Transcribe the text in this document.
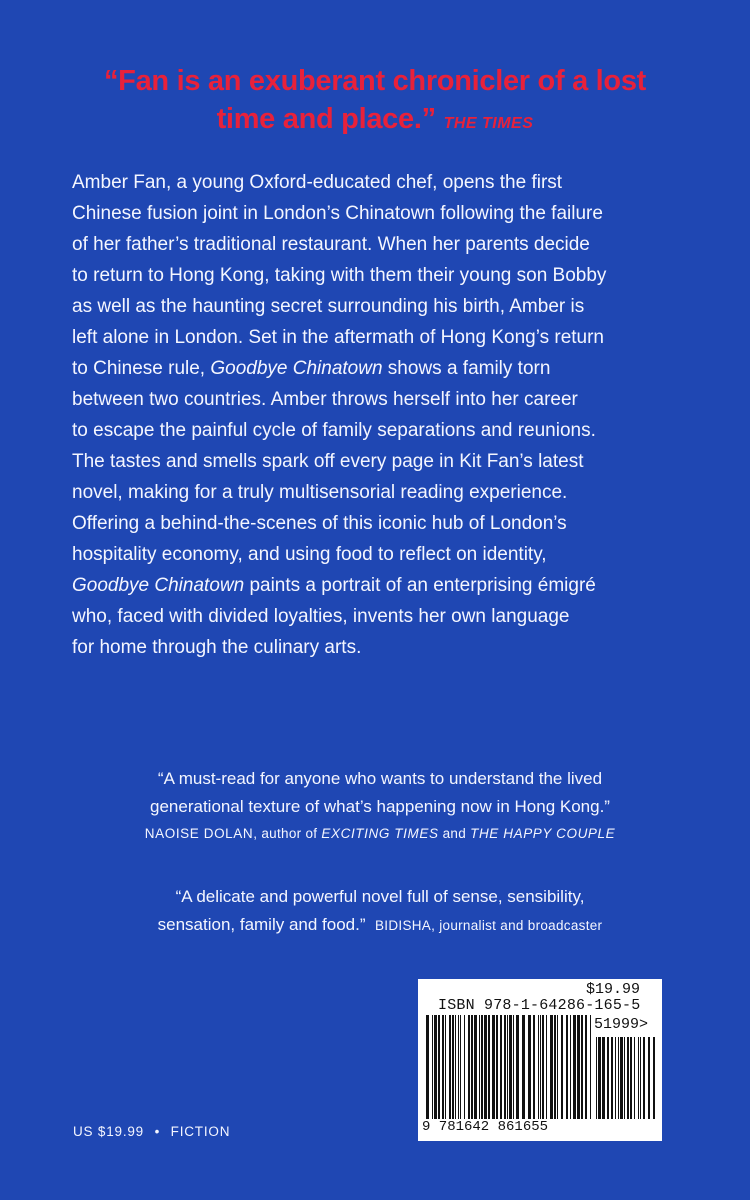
“Fan is an exuberant chronicler of a lost
time and place.” THE TIMES

Amber Fan, a young Oxford-educated chef, opens the first

Chinese fusion joint in London’s Chinatown following the failure

of her father’s traditional restaurant. When her parents decide

to return to Hong Kong, taking with them their young son Bobby

as well as the haunting secret surrounding his birth, Amber is

left alone in London. Set in the aftermath of Hong Kong’s return

to Chinese rule, Goodbye Chinatown shows a family torn

between two countries. Amber throws herself into her career

to escape the painful cycle of family separations and reunions.

The tastes and smells spark off every page in Kit Fan’s latest

novel, making for a truly multisensorial reading experience.

Offering a behind-the-scenes of this iconic hub of London’s

hospitality economy, and using food to reflect on identity,

Goodbye Chinatown paints a portrait of an enterprising émigré

who, faced with divided loyalties, invents her own language

for home through the culinary arts.

“A must-read for anyone who wants to understand the lived
generational texture of what’s happening now in Hong Kong.”
NAOISE DOLAN, author of EXCITING TIMES and THE HAPPY COUPLE
“A delicate and powerful novel full of sense, sensibility,
sensation, family and food.” BIDISHA, journalist and broadcaster
$19.99
ISBN 978-1-64286-165-5
51999>
9 781642 861655
US $19.99 • FICTION
